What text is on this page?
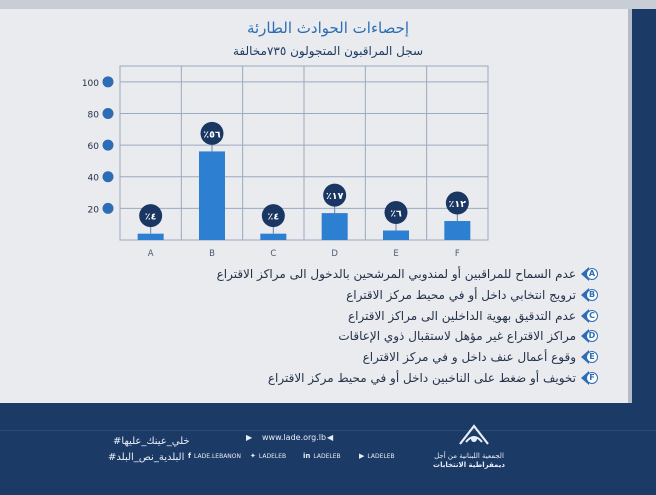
إحصاءات الحوادث الطارئة
سجل المراقبون المتجولون ٧٣٥مخالفة
20
40
60
80
100
٪٤
A
٪٥٦
B
٪٤
C
٪١٧
D
٪٦
E
٪١٢
F
عدم السماح للمراقبين أو لمندوبي المرشحين بالدخول الى مراكز الاقتراع	A
ترويج انتخابي داخل أو في محيط مركز الاقتراع	B
عدم التدقيق بهوية الداخلين الى مراكز الاقتراع	C
مراكز الاقتراع غير مؤهل لاستقبال ذوي الإعاقات	D
وقوع أعمال عنف داخل و في مركز الاقتراع	E
تخويف أو ضغط على الناخبين داخل أو في محيط مركز الاقتراع	F
#خلي_عينك_عليها
#البلدية_نص_البلد
◀
www.lade.org.lb
▶
▶ LADELEB
in LADELEB
✦ LADELEB
f LADE.LEBANON	الجمعية اللبنانية من أجل
ديمقراطية الانتخابات
